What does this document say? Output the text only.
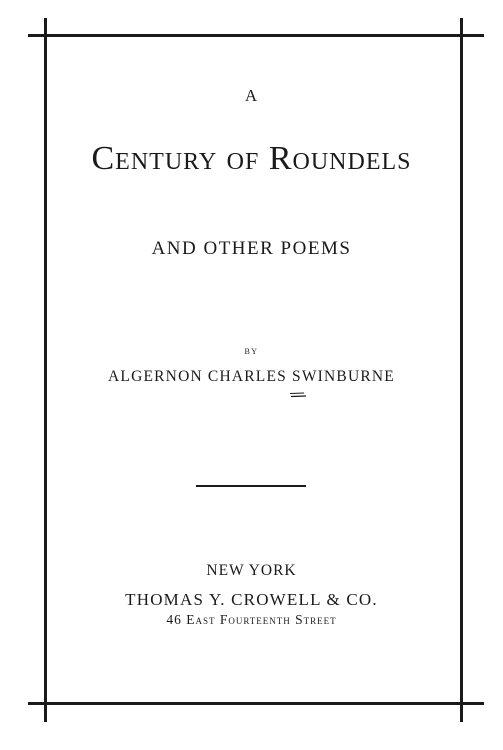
A
Century of Roundels
AND OTHER POEMS
BY
ALGERNON CHARLES SWINBURNE
NEW YORK
THOMAS Y. CROWELL & CO.
46 East Fourteenth Street
